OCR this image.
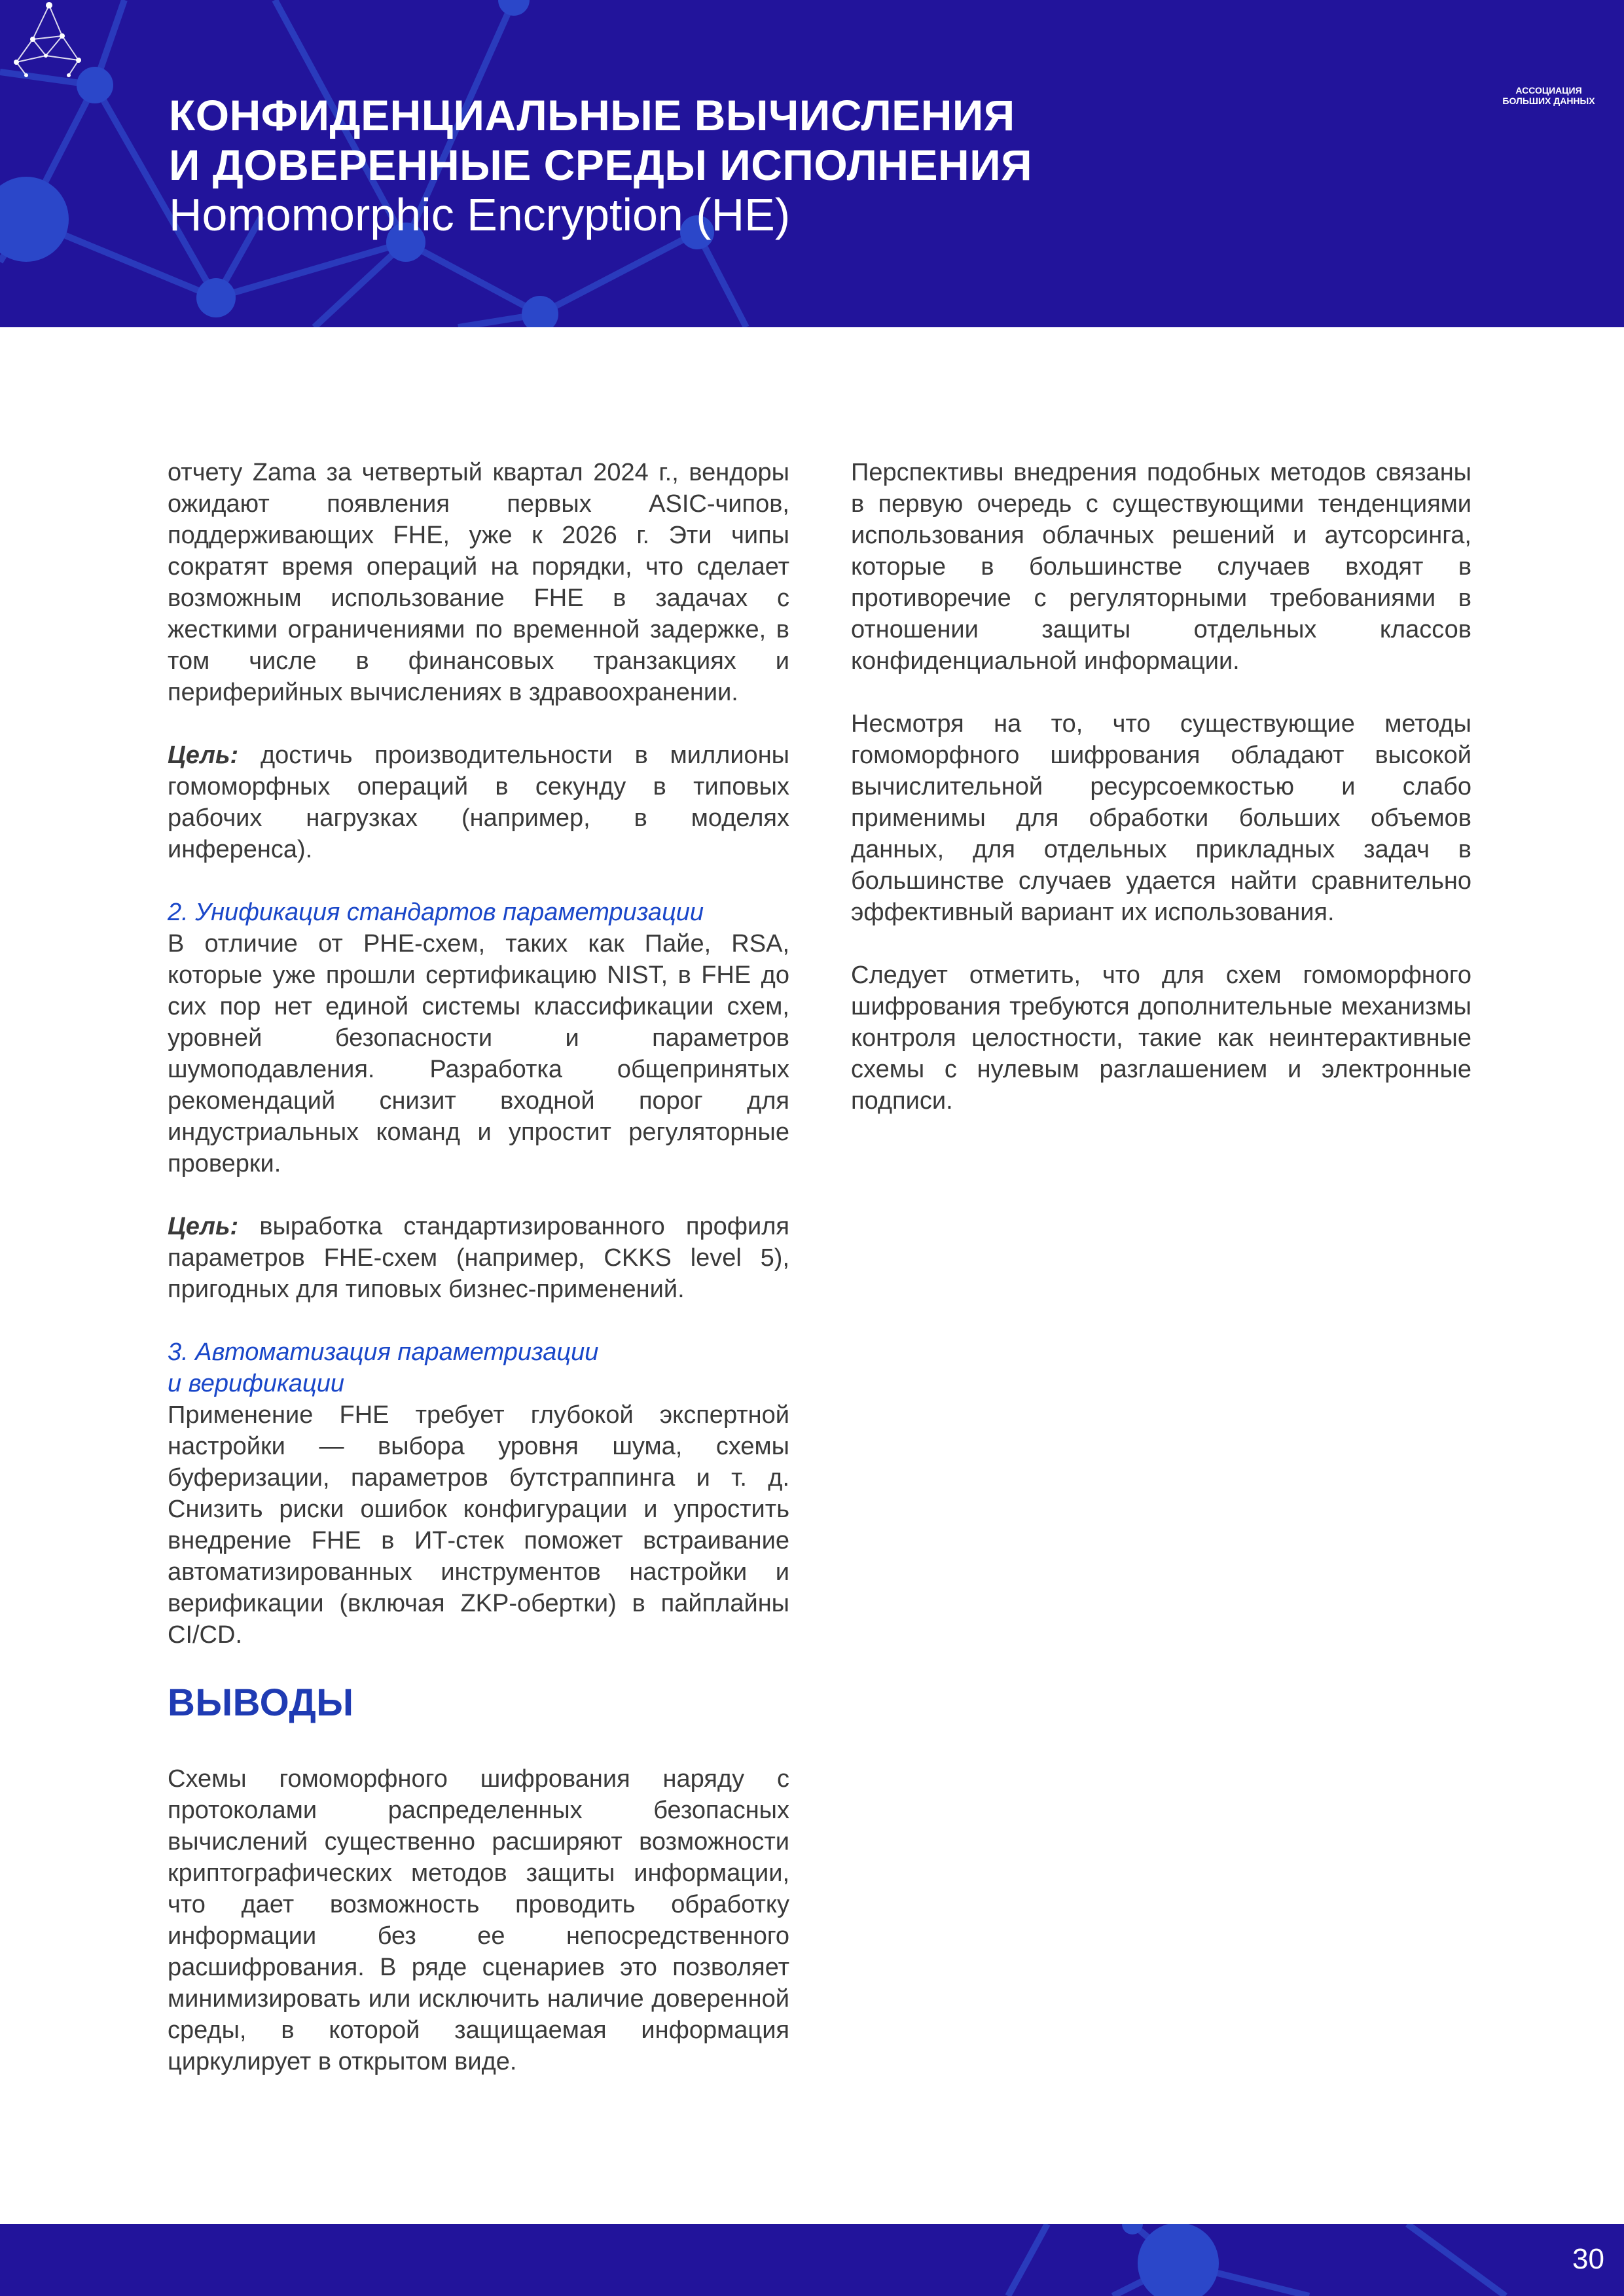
КОНФИДЕНЦИАЛЬНЫЕ ВЫЧИСЛЕНИЯ
И ДОВЕРЕННЫЕ СРЕДЫ ИСПОЛНЕНИЯ
Homomorphic Encryption (HE)
АССОЦИАЦИЯ
БОЛЬШИХ ДАННЫХ

отчету Zama за четвертый квартал 2024 г., вендоры ожидают появления первых ASIC-чипов, поддерживающих FHE, уже к 2026 г. Эти чипы сократят время операций на порядки, что сделает возможным использование FHE в задачах с жесткими ограничениями по временной задержке, в том числе в финансовых транзакциях и периферийных вычислениях в здравоохранении.

Цель: достичь производительности в миллионы гомоморфных операций в секунду в типовых рабочих нагрузках (например, в моделях инференса).

2. Унификация стандартов параметризации

В отличие от PHE-схем, таких как Пайе, RSA, которые уже прошли сертификацию NIST, в FHE до сих пор нет единой системы классификации схем, уровней безопасности и параметров шумоподавления. Разработка общепринятых рекомендаций снизит входной порог для индустриальных команд и упростит регуляторные проверки.

Цель: выработка стандартизированного профиля параметров FHE-схем (например, CKKS level 5), пригодных для типовых бизнес-применений.

3. Автоматизация параметризации
и верификации

Применение FHE требует глубокой экспертной настройки — выбора уровня шума, схемы буферизации, параметров бутстраппинга и т. д. Снизить риски ошибок конфигурации и упростить внедрение FHE в ИТ-стек поможет встраивание автоматизированных инструментов настройки и верификации (включая ZKP-обертки) в пайплайны CI/CD.

ВЫВОДЫ

Схемы гомоморфного шифрования наряду с протоколами распределенных безопасных вычислений существенно расширяют возможности криптографических методов защиты информации, что дает возможность проводить обработку информации без ее непосредственного расшифрования. В ряде сценариев это позволяет минимизировать или исключить наличие доверенной среды, в которой защищаемая информация циркулирует в открытом виде.

Перспективы внедрения подобных методов связаны в первую очередь с существующими тенденциями использования облачных решений и аутсорсинга, которые в большинстве случаев входят в противоречие с регуляторными требованиями в отношении защиты отдельных классов конфиденциальной информации.

Несмотря на то, что существующие методы гомоморфного шифрования обладают высокой вычислительной ресурсоемкостью и слабо применимы для обработки больших объемов данных, для отдельных прикладных задач в большинстве случаев удается найти сравнительно эффективный вариант их использования.

Следует отметить, что для схем гомоморфного шифрования требуются дополнительные механизмы контроля целостности, такие как неинтерактивные схемы с нулевым разглашением и электронные подписи.

30
